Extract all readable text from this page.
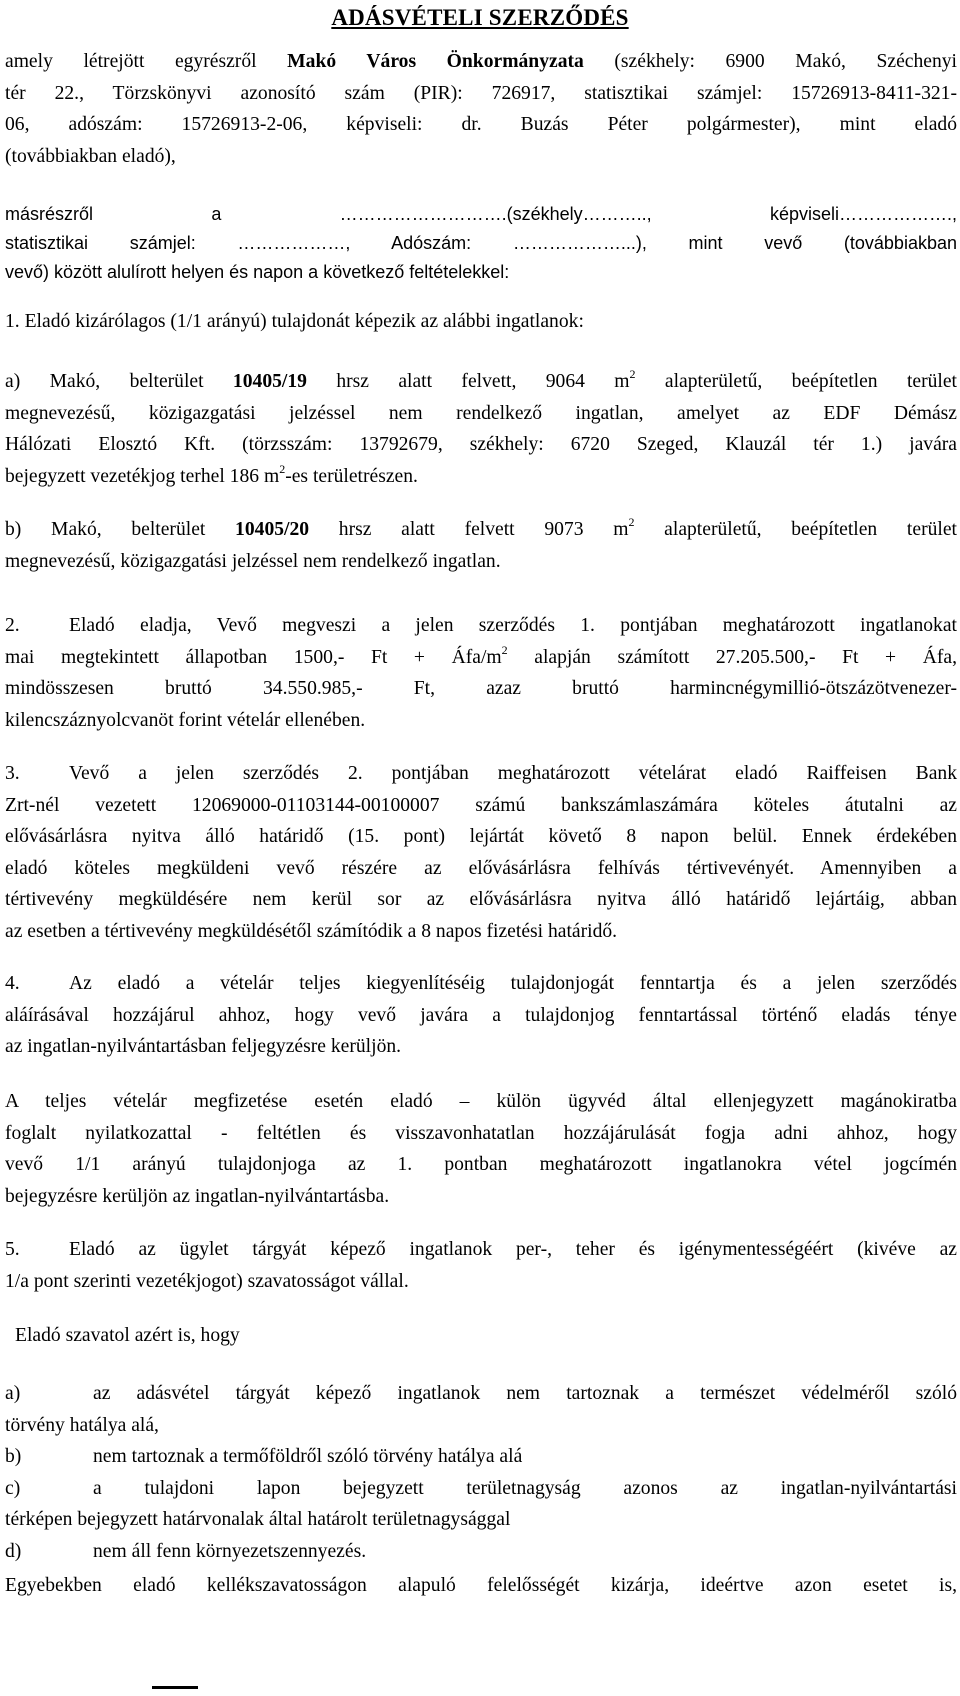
ADÁSVÉTELI SZERZŐDÉS
amely létrejött egyrészről Makó Város Önkormányzata (székhely: 6900 Makó, Széchenyi
tér 22., Törzskönyvi azonosító szám (PIR): 726917, statisztikai számjel: 15726913-8411-321-
06, adószám: 15726913-2-06, képviseli: dr. Buzás Péter polgármester), mint eladó
(továbbiakban eladó),
másrészről a ……………………….(székhely……….., képviseli……………….,
statisztikai számjel: ………………, Adószám: ………………...), mint vevő (továbbiakban
vevő) között alulírott helyen és napon a következő feltételekkel:
1. Eladó kizárólagos (1/1 arányú) tulajdonát képezik az alábbi ingatlanok:
a) Makó, belterület 10405/19 hrsz alatt felvett, 9064 $m^2$ alapterületű, beépítetlen terület
megnevezésű, közigazgatási jelzéssel nem rendelkező ingatlan, amelyet az EDF Démász
Hálózati Elosztó Kft. (törzsszám: 13792679, székhely: 6720 Szeged, Klauzál tér 1.) javára
bejegyzett vezetékjog terhel 186 $m^2-es$ területrészen.
b) Makó, belterület 10405/20 hrsz alatt felvett 9073 $m^2$ alapterületű, beépítetlen terület
megnevezésű, közigazgatási jelzéssel nem rendelkező ingatlan.
2.	Eladó eladja, Vevő megveszi a jelen szerződés 1. pontjában meghatározott ingatlanokat
mai megtekintett állapotban 1500,- Ft + Áfa/$m^2$ alapján számított 27.205.500,- Ft + Áfa,
mindösszesen bruttó 34.550.985,- Ft, azaz bruttó harmincnégymillió-ötszázötvenezer-
kilencszáznyolcvanöt forint vételár ellenében.
3.	Vevő a jelen szerződés 2. pontjában meghatározott vételárat eladó Raiffeisen Bank
Zrt-nél vezetett 12069000-01103144-00100007 számú bankszámlaszámára köteles átutalni az
elővásárlásra nyitva álló határidő (15. pont) lejártát követő 8 napon belül. Ennek érdekében
eladó köteles megküldeni vevő részére az elővásárlásra felhívás tértivevényét. Amennyiben a
tértivevény megküldésére nem kerül sor az elővásárlásra nyitva álló határidő lejártáig, abban
az esetben a tértivevény megküldésétől számítódik a 8 napos fizetési határidő.
4.	Az eladó a vételár teljes kiegyenlítéséig tulajdonjogát fenntartja és a jelen szerződés
aláírásával hozzájárul ahhoz, hogy vevő javára a tulajdonjog fenntartással történő eladás ténye
az ingatlan-nyilvántartásban feljegyzésre kerüljön.
A teljes vételár megfizetése esetén eladó – külön ügyvéd által ellenjegyzett magánokiratba
foglalt nyilatkozattal - feltétlen és visszavonhatatlan hozzájárulását fogja adni ahhoz, hogy
vevő 1/1 arányú tulajdonjoga az 1. pontban meghatározott ingatlanokra vétel jogcímén
bejegyzésre kerüljön az ingatlan-nyilvántartásba.
5.	Eladó az ügylet tárgyát képező ingatlanok per-, teher és igénymentességéért (kivéve az
1/a pont szerinti vezetékjogot) szavatosságot vállal.
Eladó szavatol azért is, hogy
a)	az adásvétel tárgyát képező ingatlanok nem tartoznak a természet védelméről szóló
törvény hatálya alá,
b)	nem tartoznak a termőföldről szóló törvény hatálya alá
c)	a tulajdoni lapon bejegyzett területnagyság azonos az ingatlan-nyilvántartási
térképen bejegyzett határvonalak által határolt területnagysággal
d)	nem áll fenn környezetszennyezés.
Egyebekben eladó kellékszavatosságon alapuló felelősségét kizárja, ideértve azon esetet is,
